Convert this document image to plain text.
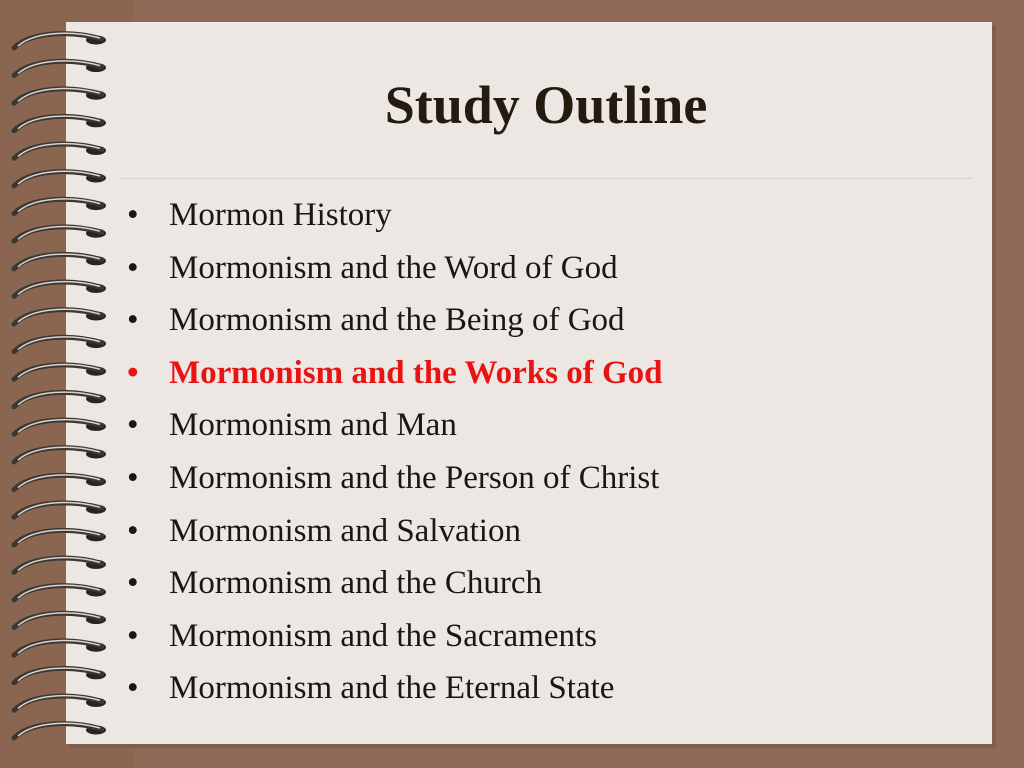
Study Outline
• Mormon History
• Mormonism and the Word of God
• Mormonism and the Being of God
• Mormonism and the Works of God
• Mormonism and Man
• Mormonism and the Person of Christ
• Mormonism and Salvation
• Mormonism and the Church
• Mormonism and the Sacraments
• Mormonism and the Eternal State
